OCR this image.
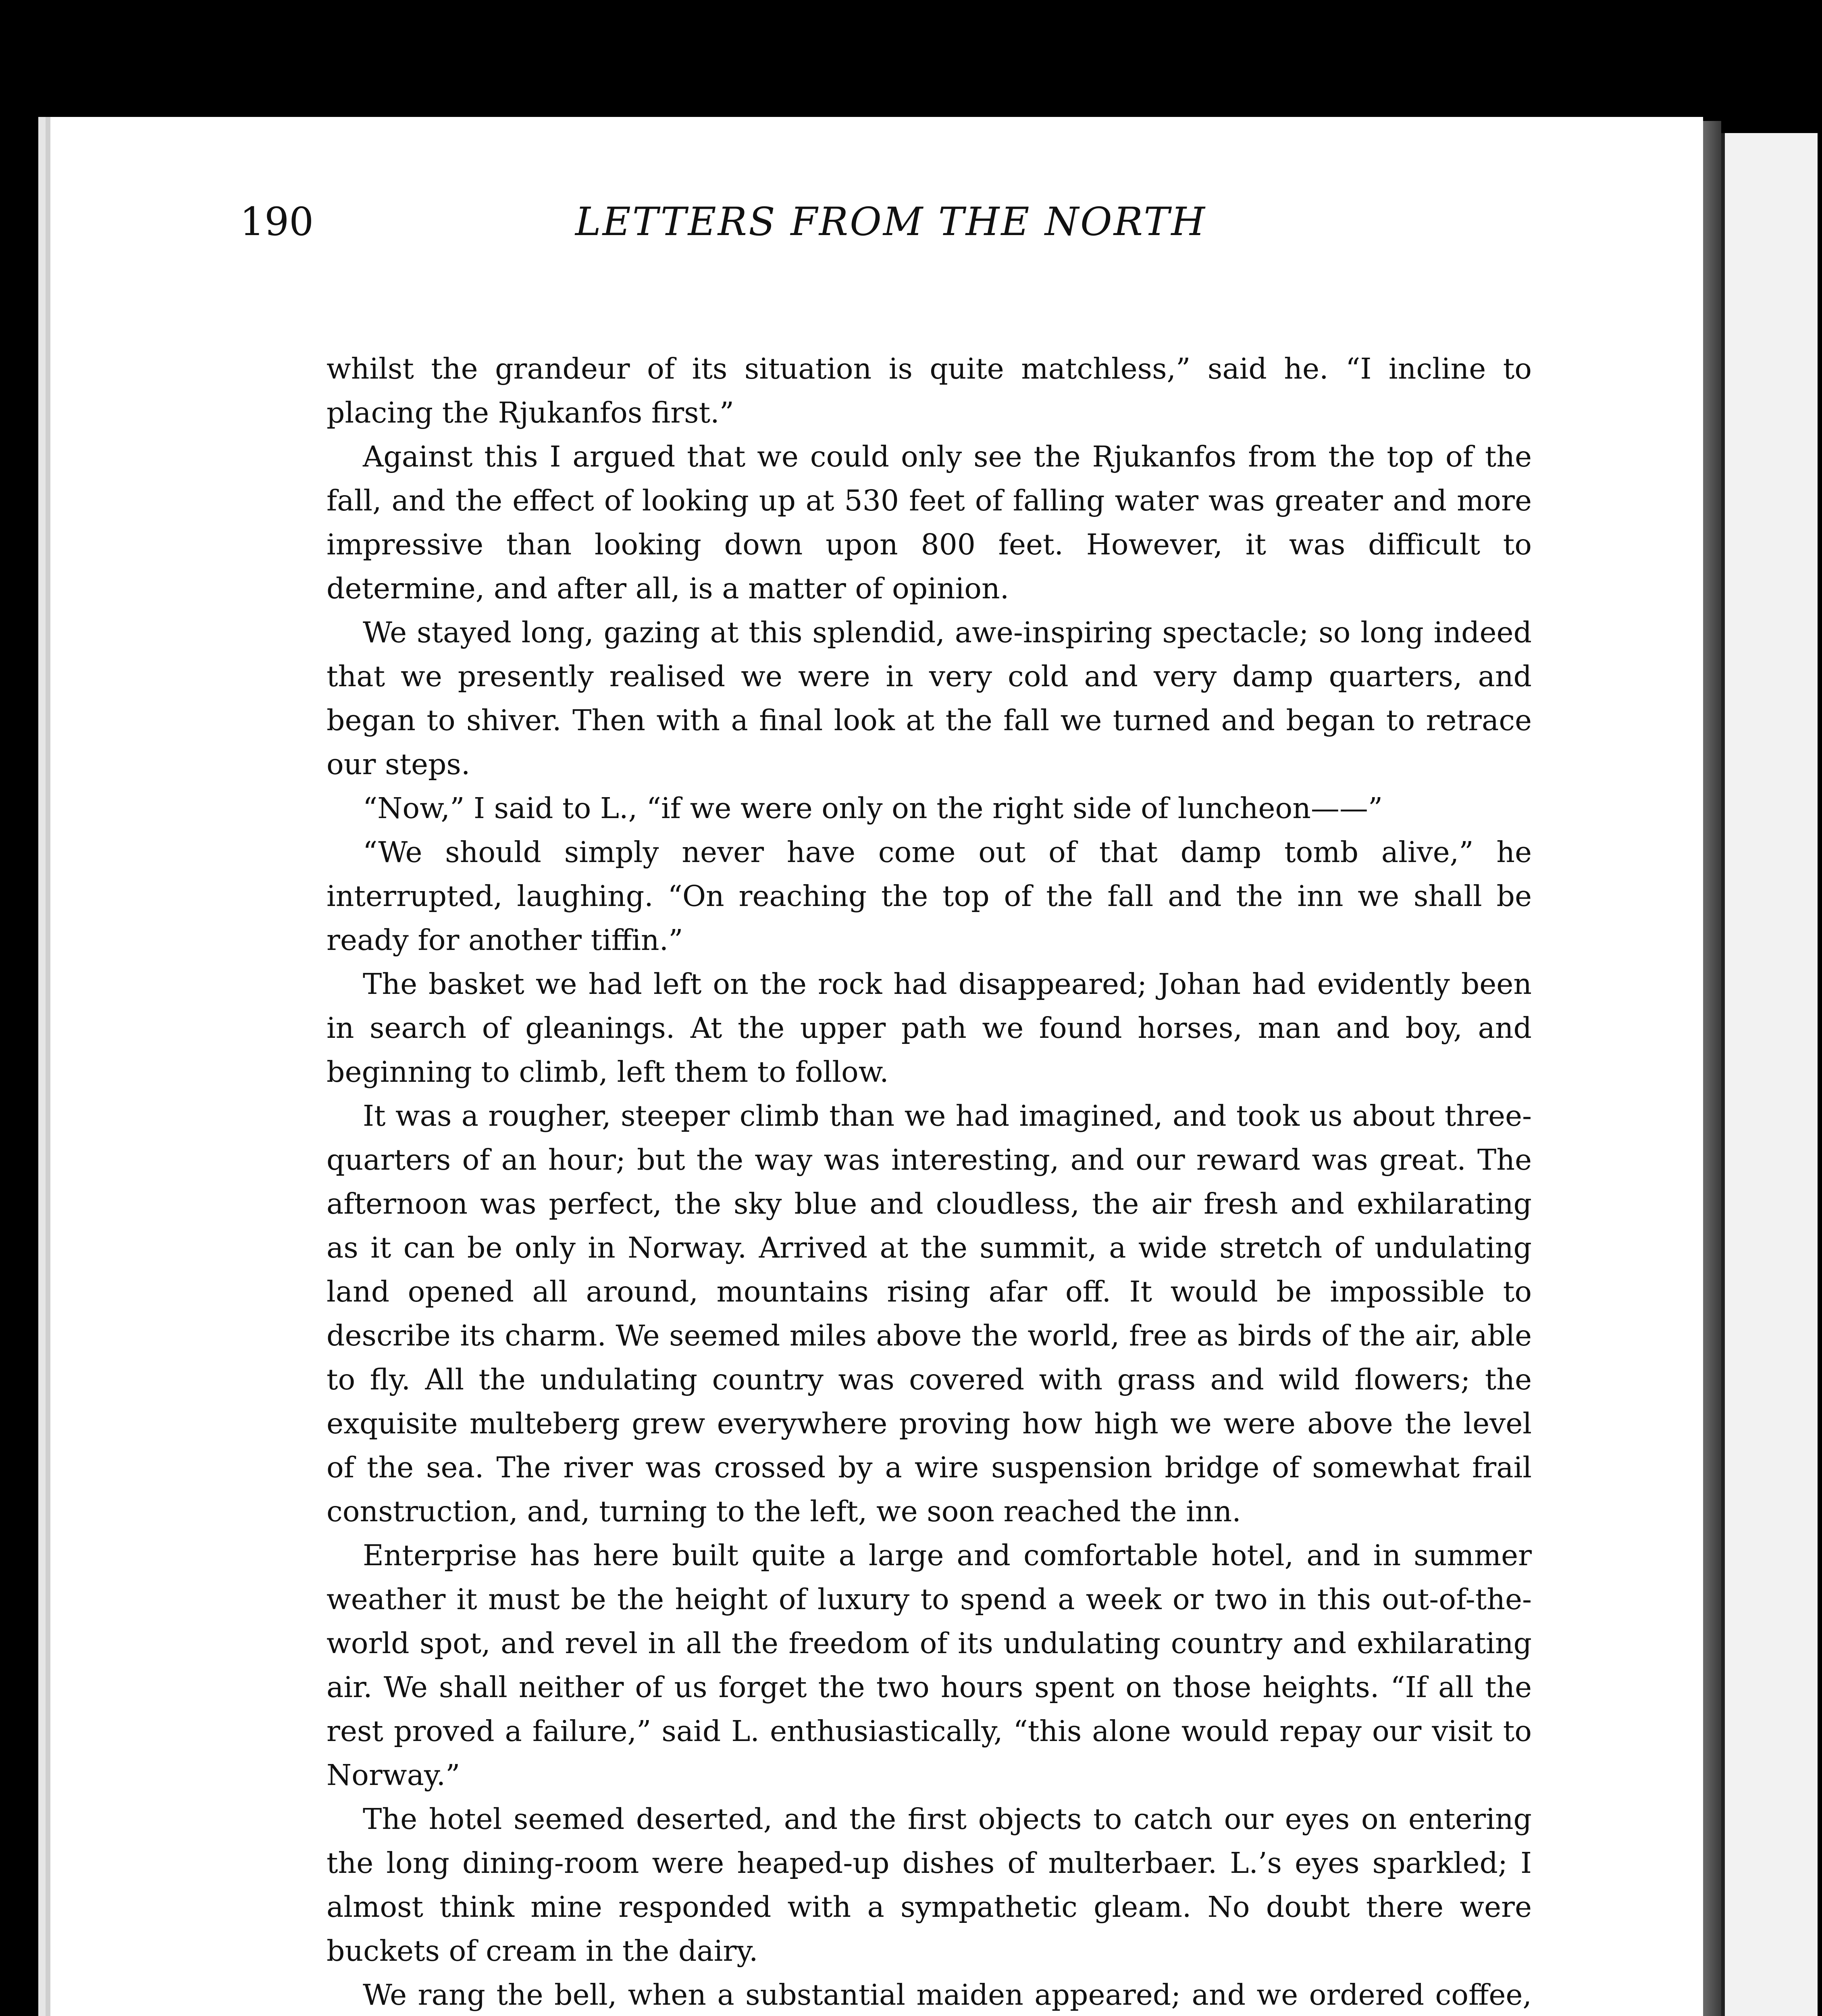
190	LETTERS FROM THE NORTH

whilst the grandeur of its situation is quite matchless,” said he. “I incline to placing the Rjukanfos first.”

Against this I argued that we could only see the Rjukanfos from the top of the fall, and the effect of looking up at 530 feet of falling water was greater and more impressive than looking down upon 800 feet. However, it was difficult to determine, and after all, is a matter of opinion.

We stayed long, gazing at this splendid, awe-inspiring spectacle; so long indeed that we presently realised we were in very cold and very damp quarters, and began to shiver. Then with a final look at the fall we turned and began to retrace our steps.

“Now,” I said to L., “if we were only on the right side of luncheon——”

“We should simply never have come out of that damp tomb alive,” he interrupted, laughing. “On reaching the top of the fall and the inn we shall be ready for another tiffin.”

The basket we had left on the rock had disappeared; Johan had evidently been in search of gleanings. At the upper path we found horses, man and boy, and beginning to climb, left them to follow.

It was a rougher, steeper climb than we had imagined, and took us about three-quarters of an hour; but the way was interesting, and our reward was great. The afternoon was perfect, the sky blue and cloudless, the air fresh and exhilarating as it can be only in Norway. Arrived at the summit, a wide stretch of undulating land opened all around, mountains rising afar off. It would be impossible to describe its charm. We seemed miles above the world, free as birds of the air, able to fly. All the undulating country was covered with grass and wild flowers; the exquisite multeberg grew everywhere proving how high we were above the level of the sea. The river was crossed by a wire suspension bridge of somewhat frail construction, and, turning to the left, we soon reached the inn.

Enterprise has here built quite a large and comfortable hotel, and in summer weather it must be the height of luxury to spend a week or two in this out-of-the-world spot, and revel in all the freedom of its undulating country and exhilarating air. We shall neither of us forget the two hours spent on those heights. “If all the rest proved a failure,” said L. enthusiastically, “this alone would repay our visit to Norway.”

The hotel seemed deserted, and the first objects to catch our eyes on entering the long dining-room were heaped-up dishes of multerbaer. L.’s eyes sparkled; I almost think mine responded with a sympathetic gleam. No doubt there were buckets of cream in the dairy.

We rang the bell, when a substantial maiden appeared; and we ordered coffee,
